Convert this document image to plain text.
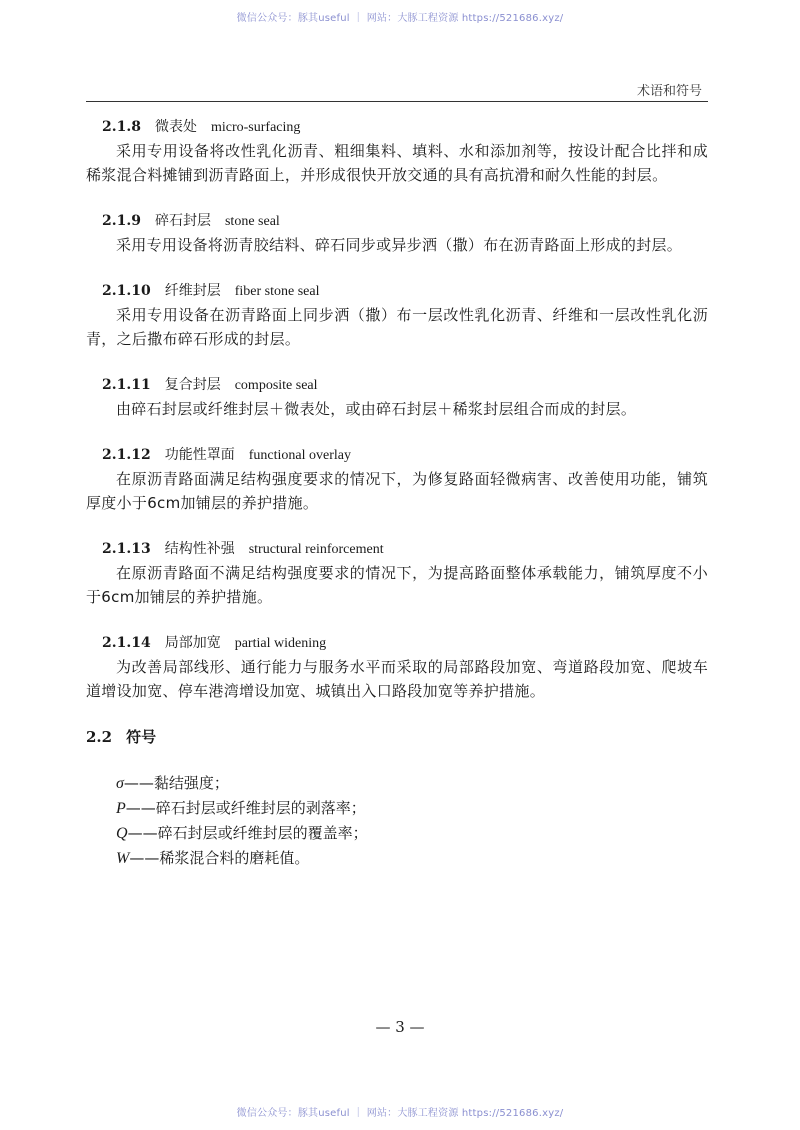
微信公众号：豚其useful ｜ 网站：大豚工程资源 https://521686.xyz/
术语和符号
2.1.8 微表处 micro-surfacing
采用专用设备将改性乳化沥青、粗细集料、填料、水和添加剂等，按设计配合比拌和成稀浆混合料摊铺到沥青路面上，并形成很快开放交通的具有高抗滑和耐久性能的封层。
2.1.9 碎石封层 stone seal
采用专用设备将沥青胶结料、碎石同步或异步洒（撒）布在沥青路面上形成的封层。
2.1.10 纤维封层 fiber stone seal
采用专用设备在沥青路面上同步洒（撒）布一层改性乳化沥青、纤维和一层改性乳化沥青，之后撒布碎石形成的封层。
2.1.11 复合封层 composite seal
由碎石封层或纤维封层＋微表处，或由碎石封层＋稀浆封层组合而成的封层。
2.1.12 功能性罩面 functional overlay
在原沥青路面满足结构强度要求的情况下，为修复路面轻微病害、改善使用功能，铺筑厚度小于6cm加铺层的养护措施。
2.1.13 结构性补强 structural reinforcement
在原沥青路面不满足结构强度要求的情况下，为提高路面整体承载能力，铺筑厚度不小于6cm加铺层的养护措施。
2.1.14 局部加宽 partial widening
为改善局部线形、通行能力与服务水平而采取的局部路段加宽、弯道路段加宽、爬坡车道增设加宽、停车港湾增设加宽、城镇出入口路段加宽等养护措施。
2.2 符号
σ——黏结强度；
P——碎石封层或纤维封层的剥落率；
Q——碎石封层或纤维封层的覆盖率；
W——稀浆混合料的磨耗值。
— 3 —
微信公众号：豚其useful ｜ 网站：大豚工程资源 https://521686.xyz/
